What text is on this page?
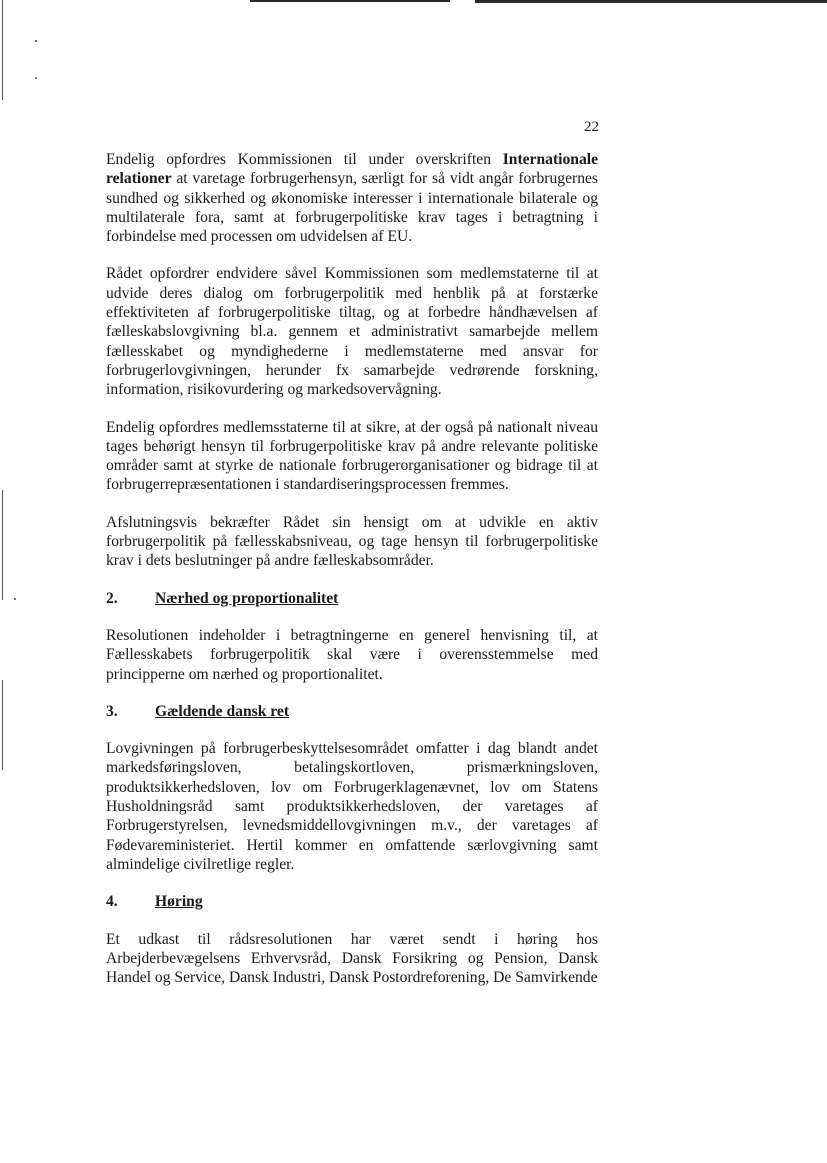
22

Endelig opfordres Kommissionen til under overskriften Internationale relationer at varetage forbrugerhensyn, særligt for så vidt angår forbrugernes sundhed og sikkerhed og økonomiske interesser i internationale bilaterale og multilaterale fora, samt at forbrugerpolitiske krav tages i betragtning i forbindelse med processen om udvidelsen af EU.

Rådet opfordrer endvidere såvel Kommissionen som medlemstaterne til at udvide deres dialog om forbrugerpolitik med henblik på at forstærke effektiviteten af forbrugerpolitiske tiltag, og at forbedre håndhævelsen af fælleskabslovgivning bl.a. gennem et administrativt samarbejde mellem fællesskabet og myndighederne i medlemstaterne med ansvar for forbrugerlovgivningen, herunder fx samarbejde vedrørende forskning, information, risikovurdering og markedsovervågning.

Endelig opfordres medlemsstaterne til at sikre, at der også på nationalt niveau tages behørigt hensyn til forbrugerpolitiske krav på andre relevante politiske områder samt at styrke de nationale forbrugerorganisationer og bidrage til at forbrugerrepræsentationen i standardiseringsprocessen fremmes.

Afslutningsvis bekræfter Rådet sin hensigt om at udvikle en aktiv forbrugerpolitik på fællesskabsniveau, og tage hensyn til forbrugerpolitiske krav i dets beslutninger på andre fælleskabsområder.

2.	Nærhed og proportionalitet

Resolutionen indeholder i betragtningerne en generel henvisning til, at Fællesskabets forbrugerpolitik skal være i overensstemmelse med principperne om nærhed og proportionalitet.

3.	Gældende dansk ret

Lovgivningen på forbrugerbeskyttelsesområdet omfatter i dag blandt andet markedsføringsloven, betalingskortloven, prismærkningsloven, produktsikkerhedsloven, lov om Forbrugerklagenævnet, lov om Statens Husholdningsråd samt produktsikkerhedsloven, der varetages af Forbrugerstyrelsen, levnedsmiddellovgivningen m.v., der varetages af Fødevareministeriet. Hertil kommer en omfattende særlovgivning samt almindelige civilretlige regler.

4.	Høring

Et udkast til rådsresolutionen har været sendt i høring hos Arbejderbevægelsens Erhvervsråd, Dansk Forsikring og Pension, Dansk Handel og Service, Dansk Industri, Dansk Postordreforening, De Samvirkende
